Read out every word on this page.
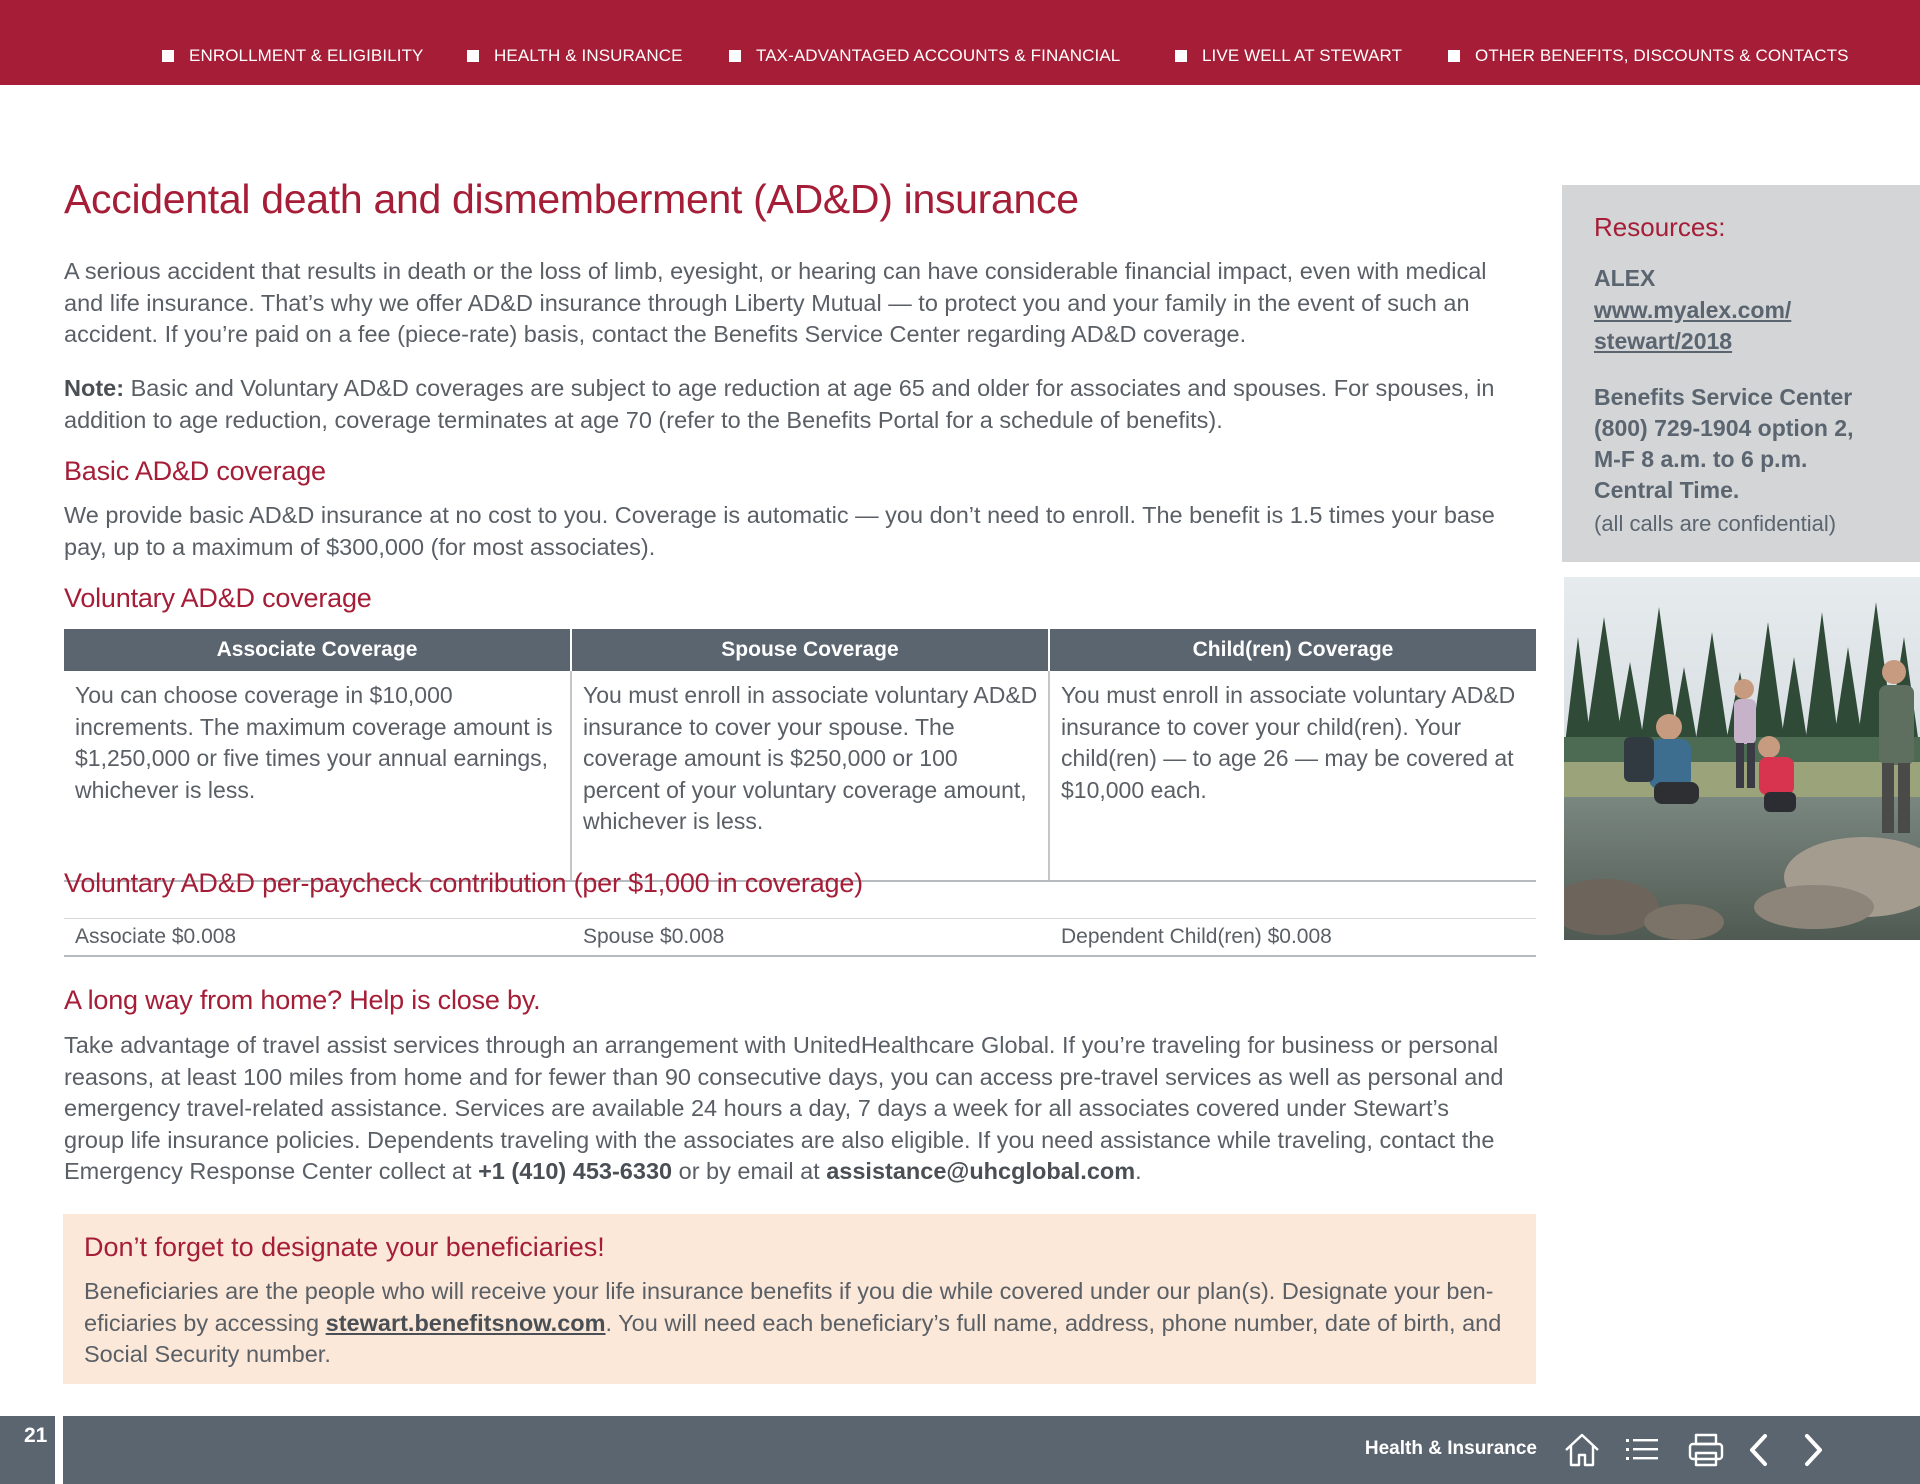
ENROLLMENT & ELIGIBILITY	HEALTH & INSURANCE	TAX-ADVANTAGED ACCOUNTS & FINANCIAL	LIVE WELL AT STEWART	OTHER BENEFITS, DISCOUNTS & CONTACTS
Accidental death and dismemberment (AD&D) insurance
A serious accident that results in death or the loss of limb, eyesight, or hearing can have considerable financial impact, even with medical and life insurance. That’s why we offer AD&D insurance through Liberty Mutual — to protect you and your family in the event of such an accident. If you’re paid on a fee (piece-rate) basis, contact the Benefits Service Center regarding AD&D coverage.
Note: Basic and Voluntary AD&D coverages are subject to age reduction at age 65 and older for associates and spouses. For spouses, in addition to age reduction, coverage terminates at age 70 (refer to the Benefits Portal for a schedule of benefits).
Basic AD&D coverage
We provide basic AD&D insurance at no cost to you. Coverage is automatic — you don’t need to enroll. The benefit is 1.5 times your base pay, up to a maximum of $300,000 (for most associates).
Voluntary AD&D coverage
Associate Coverage	Spouse Coverage	Child(ren) Coverage
You can choose coverage in $10,000 increments. The maximum coverage amount is $1,250,000 or five times your annual earnings, whichever is less.
You must enroll in associate voluntary AD&D insurance to cover your spouse. The coverage amount is $250,000 or 100 percent of your voluntary coverage amount, whichever is less.
You must enroll in associate voluntary AD&D insurance to cover your child(ren). Your child(ren) — to age 26 — may be covered at $10,000 each.
Voluntary AD&D per-paycheck contribution (per $1,000 in coverage)
Associate $0.008	Spouse $0.008	Dependent Child(ren) $0.008
A long way from home? Help is close by.
Take advantage of travel assist services through an arrangement with UnitedHealthcare Global. If you’re traveling for business or personal reasons, at least 100 miles from home and for fewer than 90 consecutive days, you can access pre-travel services as well as personal and emergency travel-related assistance. Services are available 24 hours a day, 7 days a week for all associates covered under Stewart’s group life insurance policies. Dependents traveling with the associates are also eligible. If you need assistance while traveling, contact the Emergency Response Center collect at +1 (410) 453-6330 or by email at assistance@uhcglobal.com.
Don’t forget to designate your beneficiaries!
Beneficiaries are the people who will receive your life insurance benefits if you die while covered under our plan(s). Designate your ben-eficiaries by accessing stewart.benefitsnow.com. You will need each beneficiary’s full name, address, phone number, date of birth, and Social Security number.
Resources:
ALEX
www.myalex.com/
stewart/2018
Benefits Service Center
(800) 729-1904 option 2,
M-F 8 a.m. to 6 p.m.
Central Time.
(all calls are confidential)
21
Health & Insurance
